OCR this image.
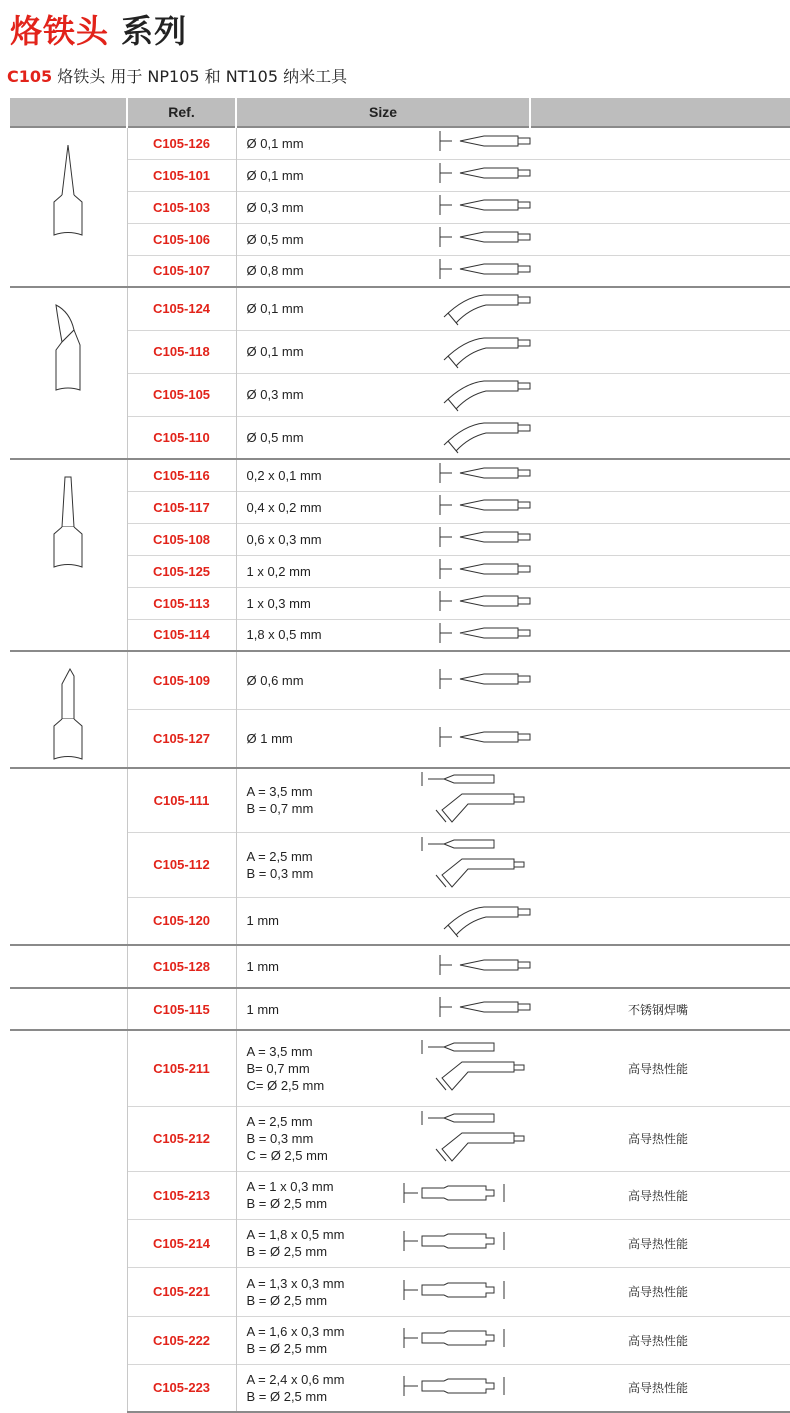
烙铁头 系列
C105 烙铁头 用于 NP105 和 NT105 纳米工具
	Ref.	Size	

	C105-126	Ø 0,1 mm	

	C105-101	Ø 0,1 mm	

	C105-103	Ø 0,3 mm	

	C105-106	Ø 0,5 mm	

	C105-107	Ø 0,8 mm	

	C105-124	Ø 0,1 mm	

	C105-118	Ø 0,1 mm	

	C105-105	Ø 0,3 mm	

	C105-110	Ø 0,5 mm	

	C105-116	0,2 x 0,1 mm	

	C105-117	0,4 x 0,2 mm	

	C105-108	0,6 x 0,3 mm	

	C105-125	1 x 0,2 mm	

	C105-113	1 x 0,3 mm	

	C105-114	1,8 x 0,5 mm	

	C105-109	Ø 0,6 mm	

	C105-127	Ø 1 mm	

	C105-111	A = 3,5 mm
B = 0,7 mm	

	C105-112	A = 2,5 mm
B = 0,3 mm	

	C105-120	1 mm	

	C105-128	1 mm	

	C105-115	1 mm	不锈钢焊嘴
	C105-211	A = 3,5 mm
B= 0,7 mm
C= Ø 2,5 mm	高导热性能
	C105-212	A = 2,5 mm
B = 0,3 mm
C = Ø 2,5 mm	高导热性能
	C105-213	A = 1 x 0,3 mm
B = Ø 2,5 mm	高导热性能
	C105-214	A = 1,8 x 0,5 mm
B = Ø 2,5 mm	高导热性能
	C105-221	A = 1,3 x 0,3 mm
B = Ø 2,5 mm	高导热性能
	C105-222	A = 1,6 x 0,3 mm
B = Ø 2,5 mm	高导热性能
	C105-223	A = 2,4 x 0,6 mm
B = Ø 2,5 mm	高导热性能
